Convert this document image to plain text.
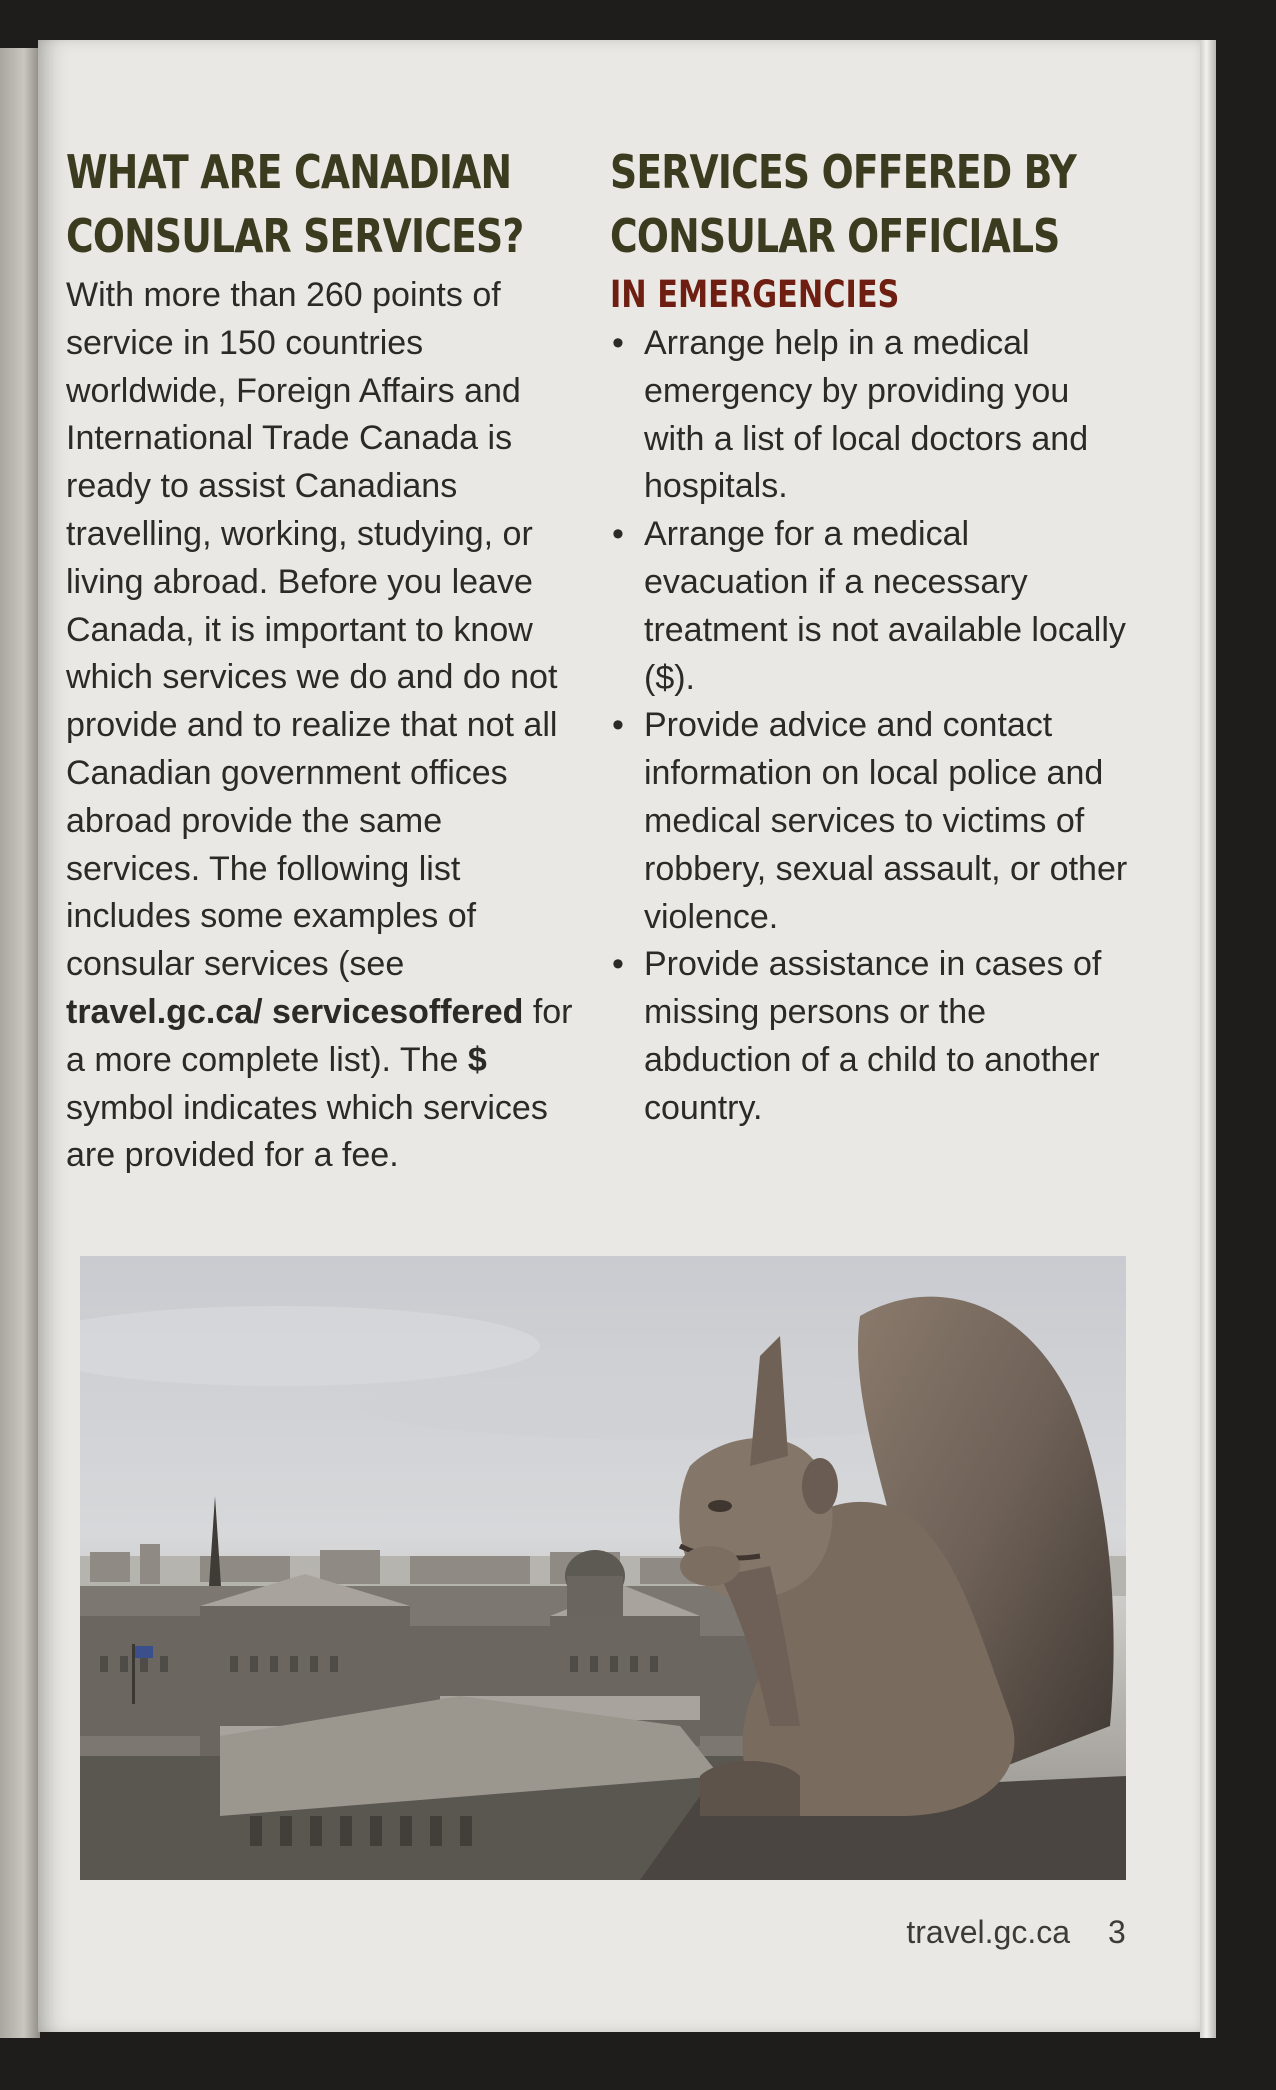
WHAT ARE CANADIAN
CONSULAR SERVICES?

With more than 260 points of service in 150 countries worldwide, Foreign Affairs and International Trade Canada is ready to assist Canadians travelling, working, studying, or living abroad. Before you leave Canada, it is important to know which services we do and do not provide and to realize that not all Canadian government offices abroad provide the same services. The following list includes some examples of consular services (see travel.gc.ca/ servicesoffered for a more complete list). The $ symbol indicates which services are provided for a fee.

SERVICES OFFERED BY
CONSULAR OFFICIALS
IN EMERGENCIES
• Arrange help in a medical emergency by providing you with a list of local doctors and hospitals.
• Arrange for a medical evacuation if a necessary treatment is not available locally ($).
• Provide advice and contact information on local police and medical services to victims of robbery, sexual assault, or other violence.
• Provide assistance in cases of missing persons or the abduction of a child to another country.
travel.gc.ca 3
